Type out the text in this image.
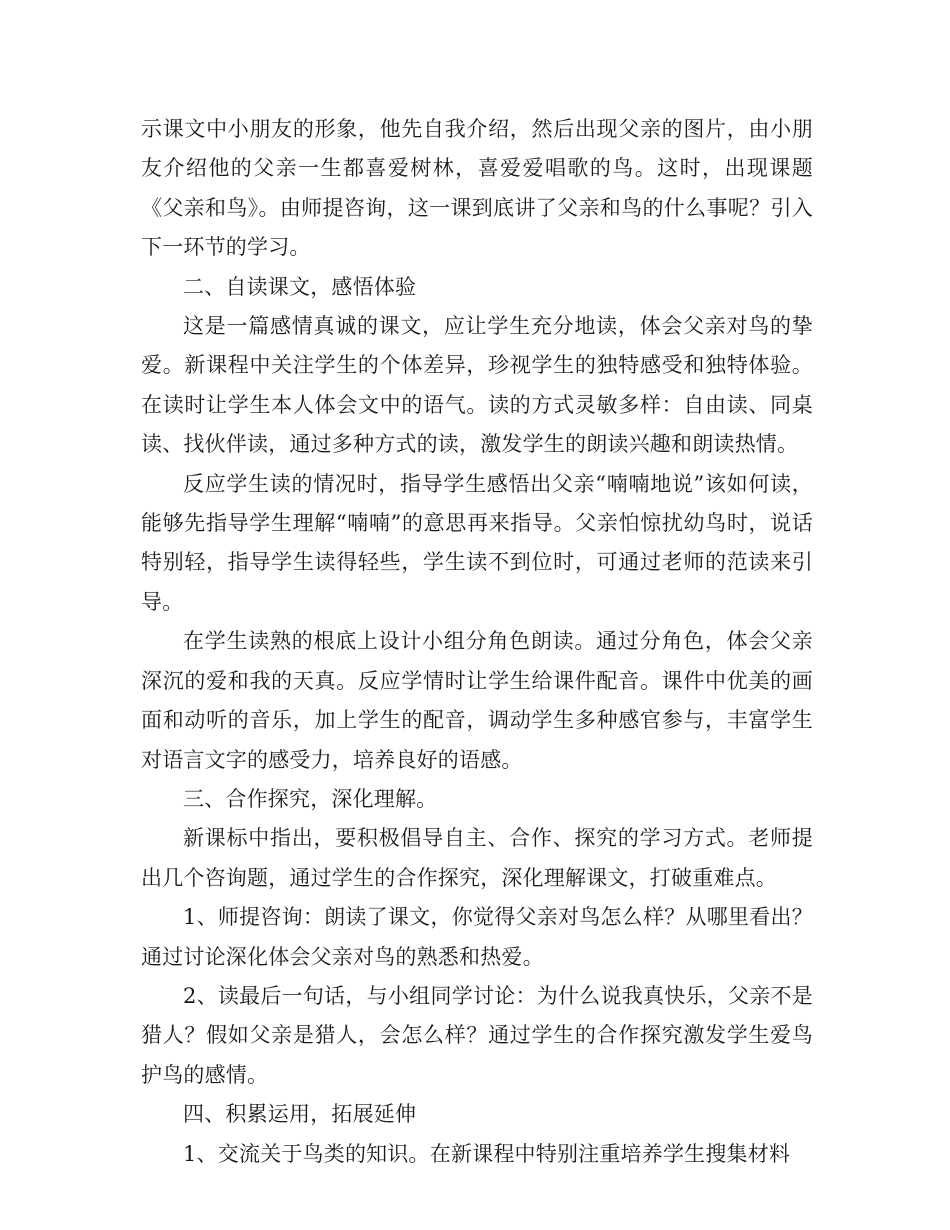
示课文中小朋友的形象，他先自我介绍，然后出现父亲的图片，由小朋友介绍他的父亲一生都喜爱树林，喜爱爱唱歌的鸟。这时，出现课题《父亲和鸟》。由师提咨询，这一课到底讲了父亲和鸟的什么事呢？引入下一环节的学习。

二、自读课文，感悟体验

这是一篇感情真诚的课文，应让学生充分地读，体会父亲对鸟的挚爱。新课程中关注学生的个体差异，珍视学生的独特感受和独特体验。在读时让学生本人体会文中的语气。读的方式灵敏多样：自由读、同桌读、找伙伴读，通过多种方式的读，激发学生的朗读兴趣和朗读热情。

反应学生读的情况时，指导学生感悟出父亲“喃喃地说”该如何读，能够先指导学生理解“喃喃”的意思再来指导。父亲怕惊扰幼鸟时，说话特别轻，指导学生读得轻些，学生读不到位时，可通过老师的范读来引导。

在学生读熟的根底上设计小组分角色朗读。通过分角色，体会父亲深沉的爱和我的天真。反应学情时让学生给课件配音。课件中优美的画面和动听的音乐，加上学生的配音，调动学生多种感官参与，丰富学生对语言文字的感受力，培养良好的语感。

三、合作探究，深化理解。

新课标中指出，要积极倡导自主、合作、探究的学习方式。老师提出几个咨询题，通过学生的合作探究，深化理解课文，打破重难点。

1、师提咨询：朗读了课文，你觉得父亲对鸟怎么样？从哪里看出？通过讨论深化体会父亲对鸟的熟悉和热爱。

2、读最后一句话，与小组同学讨论：为什么说我真快乐，父亲不是猎人？假如父亲是猎人，会怎么样？通过学生的合作探究激发学生爱鸟护鸟的感情。

四、积累运用，拓展延伸

1、交流关于鸟类的知识。在新课程中特别注重培养学生搜集材料
